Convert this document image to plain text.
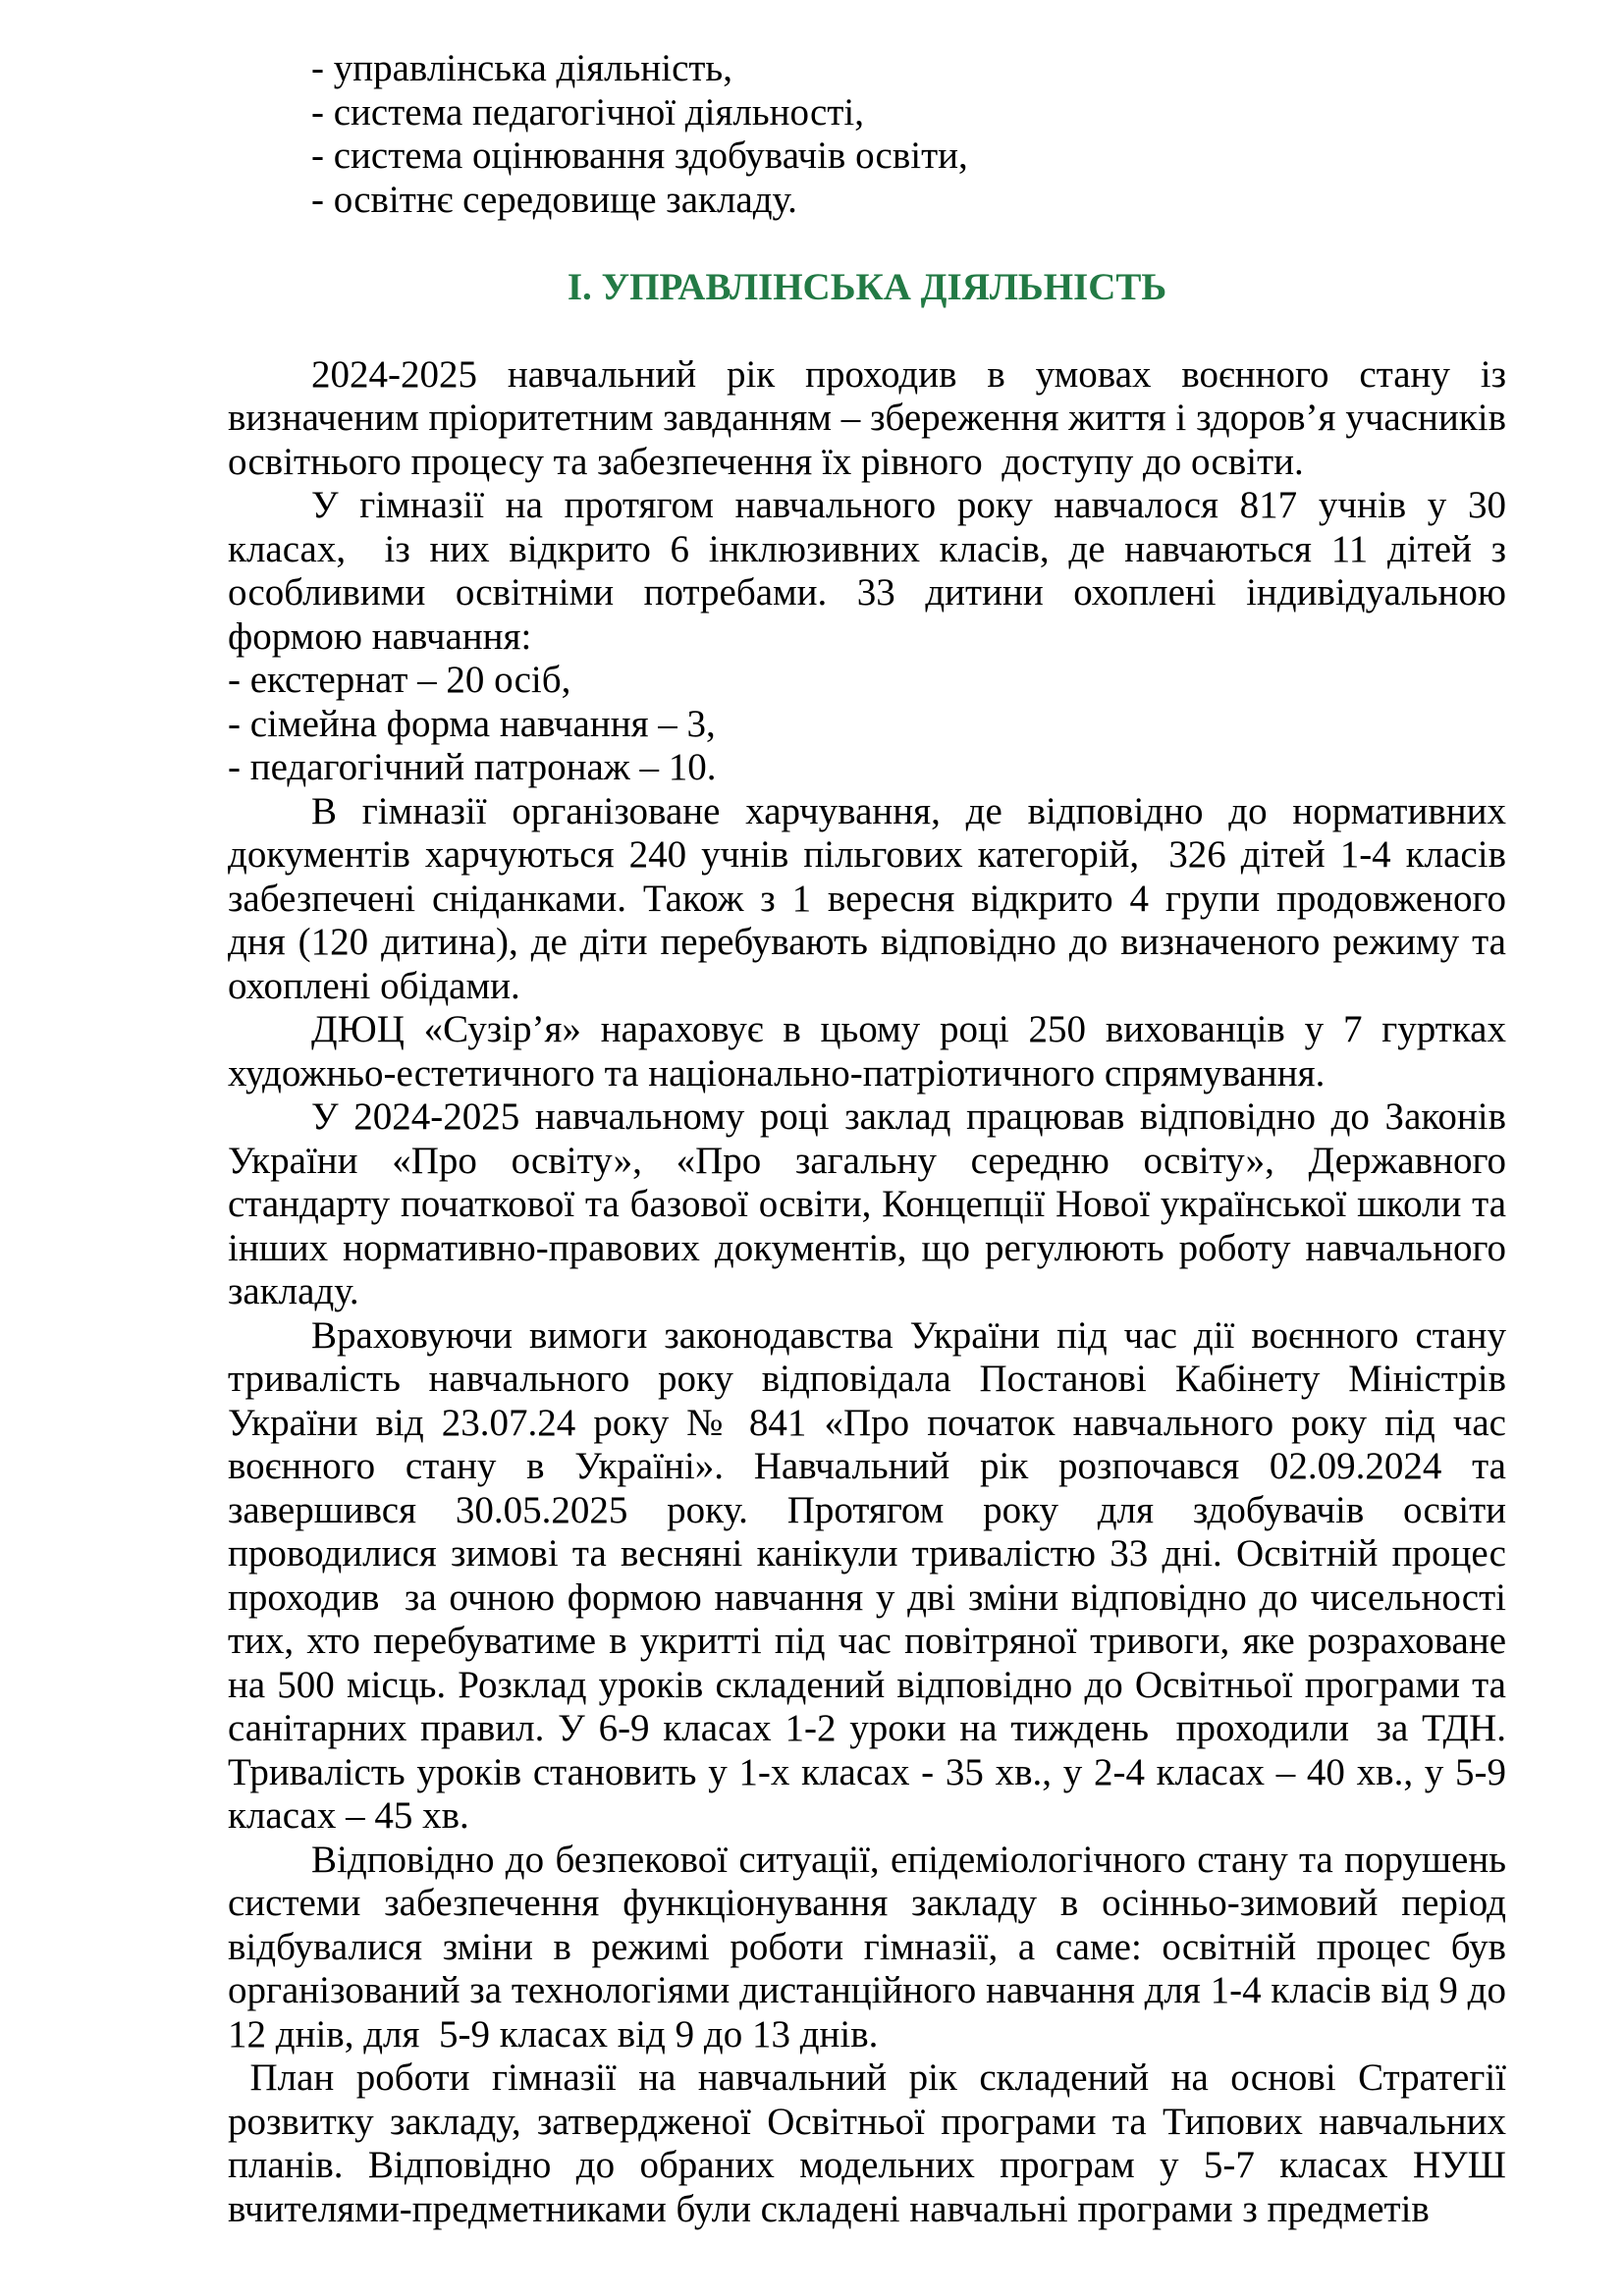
- управлінська діяльність,
- система педагогічної діяльності,
- система оцінювання здобувачів освіти,
- освітнє середовище закладу.
І. УПРАВЛІНСЬКА ДІЯЛЬНІСТЬ

2024-2025 навчальний рік проходив в умовах воєнного стану із визначеним пріоритетним завданням – збереження життя і здоров’я учасників освітнього процесу та забезпечення їх рівного  доступу до освіти.

У гімназії на протягом навчального року навчалося 817 учнів у 30 класах,  із них відкрито 6 інклюзивних класів, де навчаються 11 дітей з особливими освітніми потребами. 33 дитини охоплені індивідуальною формою навчання:

- екстернат – 20 осіб,
- сімейна форма навчання – 3,
- педагогічний патронаж – 10.

В гімназії організоване харчування, де відповідно до нормативних документів харчуються 240 учнів пільгових категорій,  326 дітей 1-4 класів забезпечені сніданками. Також з 1 вересня відкрито 4 групи продовженого дня (120 дитина), де діти перебувають відповідно до визначеного режиму та охоплені обідами.

ДЮЦ «Сузір’я» нараховує в цьому році 250 вихованців у 7 гуртках художньо-естетичного та національно-патріотичного спрямування.

У 2024-2025 навчальному році заклад працював відповідно до Законів України «Про освіту», «Про загальну середню освіту», Державного стандарту початкової та базової освіти, Концепції Нової української школи та інших нормативно-правових документів, що регулюють роботу навчального закладу.

Враховуючи вимоги законодавства України під час дії воєнного стану тривалість навчального року відповідала Постанові Кабінету Міністрів України від 23.07.24 року № 841 «Про початок навчального року під час воєнного стану в Україні». Навчальний рік розпочався 02.09.2024 та завершився 30.05.2025 року. Протягом року для здобувачів освіти проводилися зимові та весняні канікули тривалістю 33 дні. Освітній процес проходив  за очною формою навчання у дві зміни відповідно до чисельності тих, хто перебуватиме в укритті під час повітряної тривоги, яке розраховане на 500 місць. Розклад уроків складений відповідно до Освітньої програми та санітарних правил. У 6-9 класах 1-2 уроки на тиждень  проходили  за ТДН. Тривалість уроків становить у 1-х класах - 35 хв., у 2-4 класах – 40 хв., у 5-9 класах – 45 хв.

Відповідно до безпекової ситуації, епідеміологічного стану та порушень системи забезпечення функціонування закладу в осінньо-зимовий період відбувалися зміни в режимі роботи гімназії, а саме: освітній процес був організований за технологіями дистанційного навчання для 1-4 класів від 9 до 12 днів, для  5-9 класах від 9 до 13 днів.

План роботи гімназії на навчальний рік складений на основі Стратегії розвитку закладу, затвердженої Освітньої програми та Типових навчальних планів. Відповідно до обраних модельних програм у 5-7 класах НУШ вчителями-предметниками були складені навчальні програми з предметів
